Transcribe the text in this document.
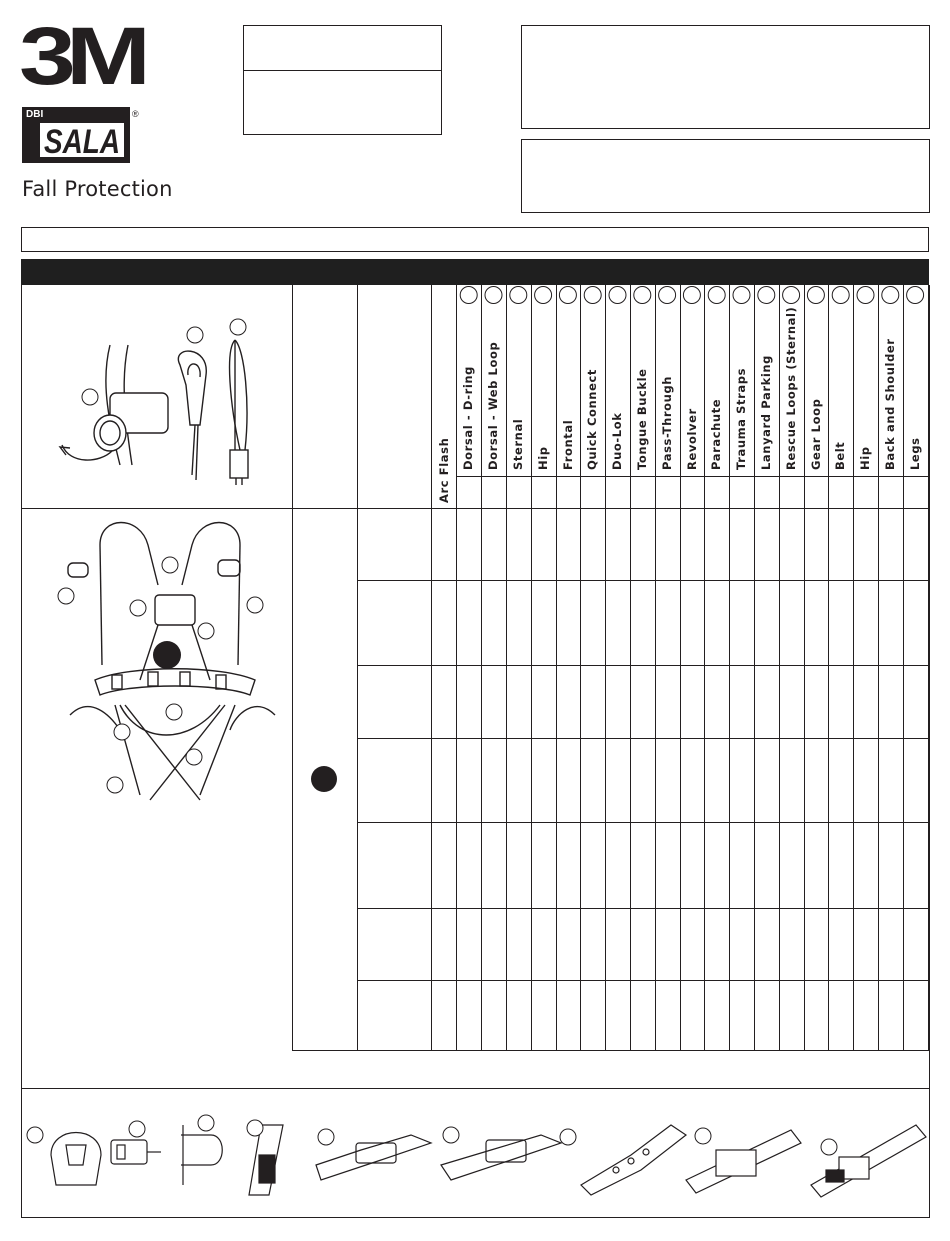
3M
DBI
SALA
®
Fall Protection
Arc Flash
Dorsal - D-ring Dorsal - Web Loop Sternal Hip Frontal Quick Connect Duo-Lok Tongue Buckle Pass-Through Revolver Parachute Trauma Straps Lanyard Parking Rescue Loops (Sternal) Gear Loop Belt Hip Back and Shoulder Legs
